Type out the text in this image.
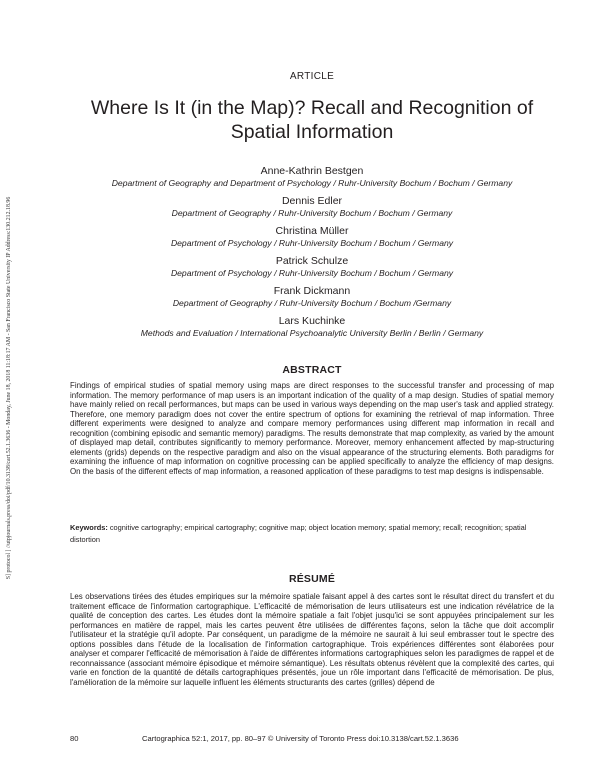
S] protocol ] //utpjournals.press/doi/pdf/10.3138/cart.52.1.3636 - Monday, June 18, 2018 11:18:17 AM - San Francisco State University IP Address:130.212.18.96
ARTICLE
Where Is It (in the Map)? Recall and Recognition of
Spatial Information
Anne-Kathrin Bestgen
Department of Geography and Department of Psychology / Ruhr-University Bochum / Bochum / Germany
Dennis Edler
Department of Geography / Ruhr-University Bochum / Bochum / Germany
Christina Müller
Department of Psychology / Ruhr-University Bochum / Bochum / Germany
Patrick Schulze
Department of Psychology / Ruhr-University Bochum / Bochum / Germany
Frank Dickmann
Department of Geography / Ruhr-University Bochum / Bochum /Germany
Lars Kuchinke
Methods and Evaluation / International Psychoanalytic University Berlin / Berlin / Germany
ABSTRACT

Findings of empirical studies of spatial memory using maps are direct responses to the successful transfer and processing of map information. The memory performance of map users is an important indication of the quality of a map design. Studies of spatial memory have mainly relied on recall performances, but maps can be used in various ways depending on the map user's task and applied strategy. Therefore, one memory paradigm does not cover the entire spectrum of options for examining the retrieval of map information. Three different experiments were designed to analyze and compare memory performances using different map information in recall and recognition (combining episodic and semantic memory) paradigms. The results demonstrate that map complexity, as varied by the amount of displayed map detail, contributes significantly to memory performance. Moreover, memory enhancement affected by map-structuring elements (grids) depends on the respective paradigm and also on the visual appearance of the structuring elements. Both paradigms for examining the influence of map information on cognitive processing can be applied specifically to analyze the efficiency of map designs. On the basis of the different effects of map information, a reasoned application of these paradigms to test map designs is indispensable.

Keywords: cognitive cartography; empirical cartography; cognitive map; object location memory; spatial memory; recall; recognition; spatial distortion
RÉSUMÉ

Les observations tirées des études empiriques sur la mémoire spatiale faisant appel à des cartes sont le résultat direct du transfert et du traitement efficace de l'information cartographique. L'efficacité de mémorisation de leurs utilisateurs est une indication révélatrice de la qualité de conception des cartes. Les études dont la mémoire spatiale a fait l'objet jusqu'ici se sont appuyées principalement sur les performances en matière de rappel, mais les cartes peuvent être utilisées de différentes façons, selon la tâche que doit accomplir l'utilisateur et la stratégie qu'il adopte. Par conséquent, un paradigme de la mémoire ne saurait à lui seul embrasser tout le spectre des options possibles dans l'étude de la localisation de l'information cartographique. Trois expériences différentes sont élaborées pour analyser et comparer l'efficacité de mémorisation à l'aide de différentes informations cartographiques selon les paradigmes de rappel et de reconnaissance (associant mémoire épisodique et mémoire sémantique). Les résultats obtenus révèlent que la complexité des cartes, qui varie en fonction de la quantité de détails cartographiques présentés, joue un rôle important dans l'efficacité de mémorisation. De plus, l'amélioration de la mémoire sur laquelle influent les éléments structurants des cartes (grilles) dépend de

80	Cartographica 52:1, 2017, pp. 80–97 © University of Toronto Press doi:10.3138/cart.52.1.3636
